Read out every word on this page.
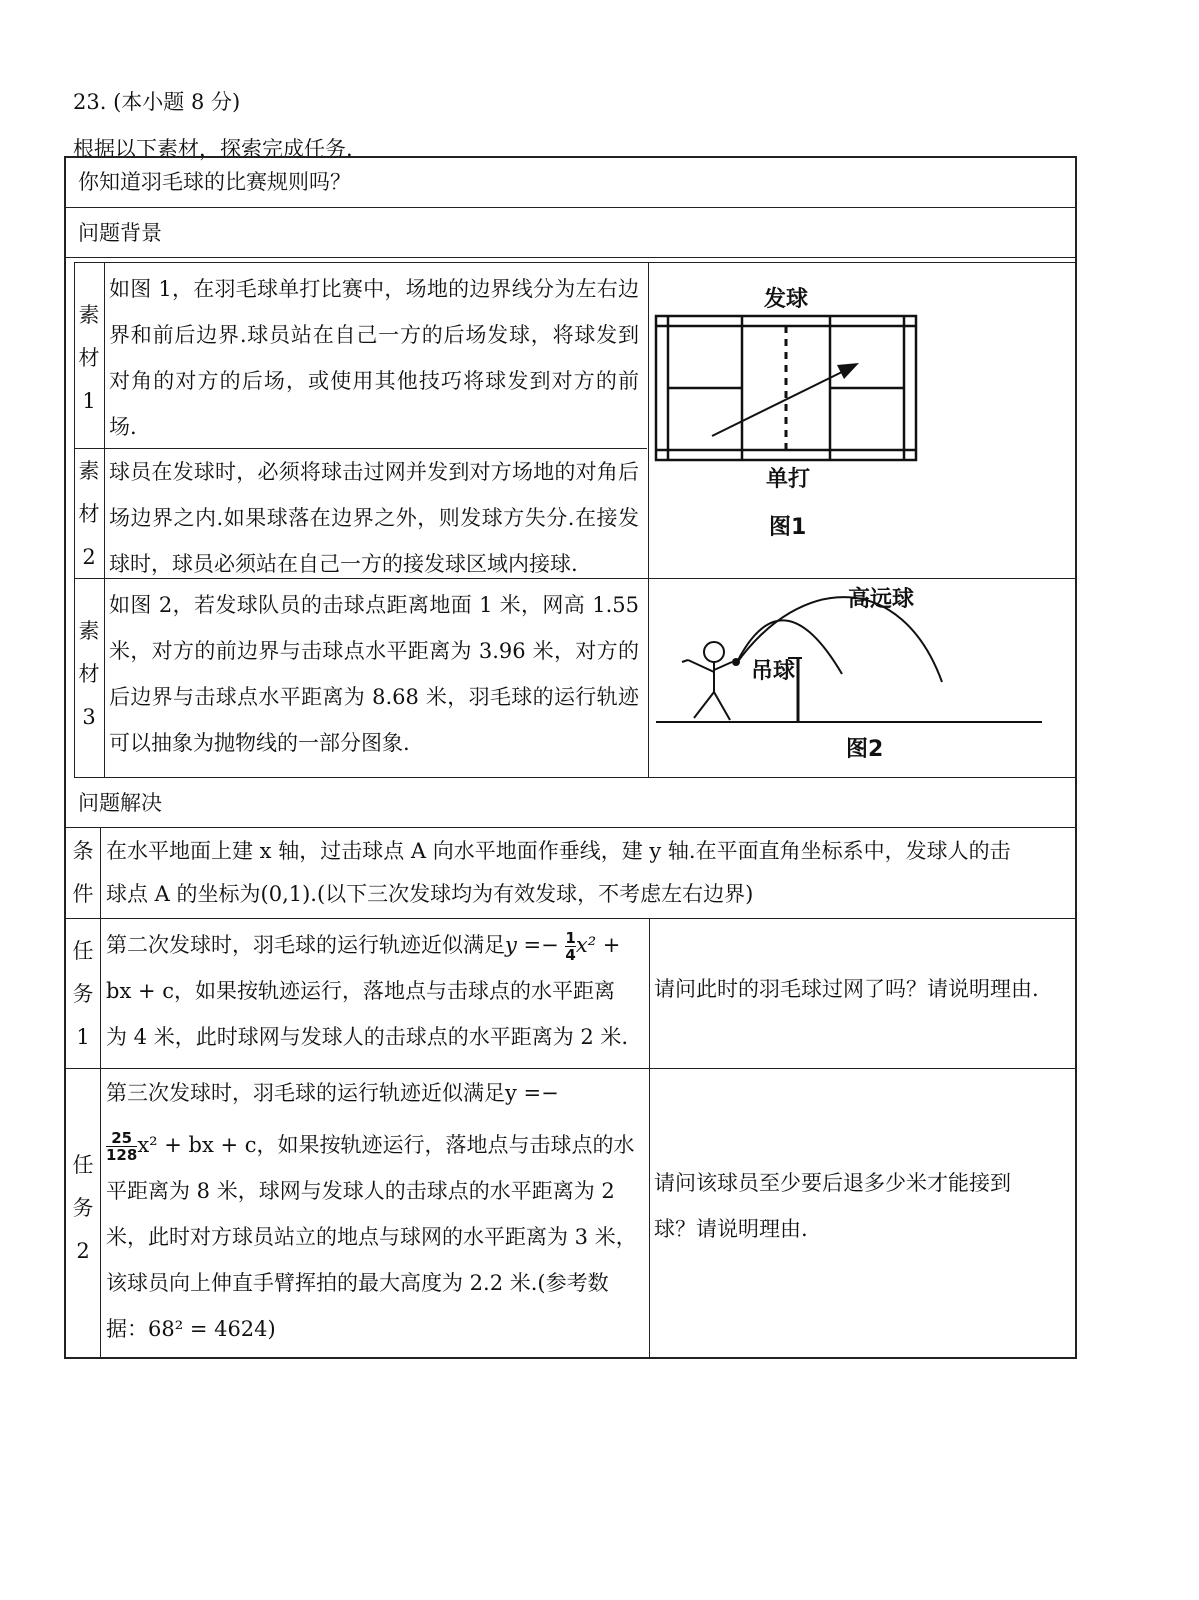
23. (本小题 8 分)
根据以下素材，探索完成任务.
你知道羽毛球的比赛规则吗？
问题背景
素
材
1
如图 1，在羽毛球单打比赛中，场地的边界线分为左右边界和前后边界.球员站在自己一方的后场发球，将球发到对角的对方的后场，或使用其他技巧将球发到对方的前场.
素
材
2
球员在发球时，必须将球击过网并发到对方场地的对角后场边界之内.如果球落在边界之外，则发球方失分.在接发球时，球员必须站在自己一方的接发球区域内接球.
素
材
3
如图 2，若发球队员的击球点距离地面 1 米，网高 1.55 米，对方的前边界与击球点水平距离为 3.96 米，对方的后边界与击球点水平距离为 8.68 米，羽毛球的运行轨迹可以抽象为抛物线的一部分图象.
发球
单打
图1
高远球
吊球
图2
问题解决
条
件
在水平地面上建 x 轴，过击球点 A 向水平地面作垂线，建 y 轴.在平面直角坐标系中，发球人的击
球点 A 的坐标为(0,1).(以下三次发球均为有效发球，不考虑左右边界)
任
务
1
第二次发球时，羽毛球的运行轨迹近似满足$y =- \frac{1}{4} x^2$ +
bx + c，如果按轨迹运行，落地点与击球点的水平距离
为 4 米，此时球网与发球人的击球点的水平距离为 2 米.
请问此时的羽毛球过网了吗？请说明理由.
任
务
2
第三次发球时，羽毛球的运行轨迹近似满足y =−
$\frac{25}{128} x^2$ + bx + c，如果按轨迹运行，落地点与击球点的水
平距离为 8 米，球网与发球人的击球点的水平距离为 2
米，此时对方球员站立的地点与球网的水平距离为 3 米，
该球员向上伸直手臂挥拍的最大高度为 2.2 米.(参考数
据：68² = 4624)
请问该球员至少要后退多少米才能接到
球？请说明理由.
